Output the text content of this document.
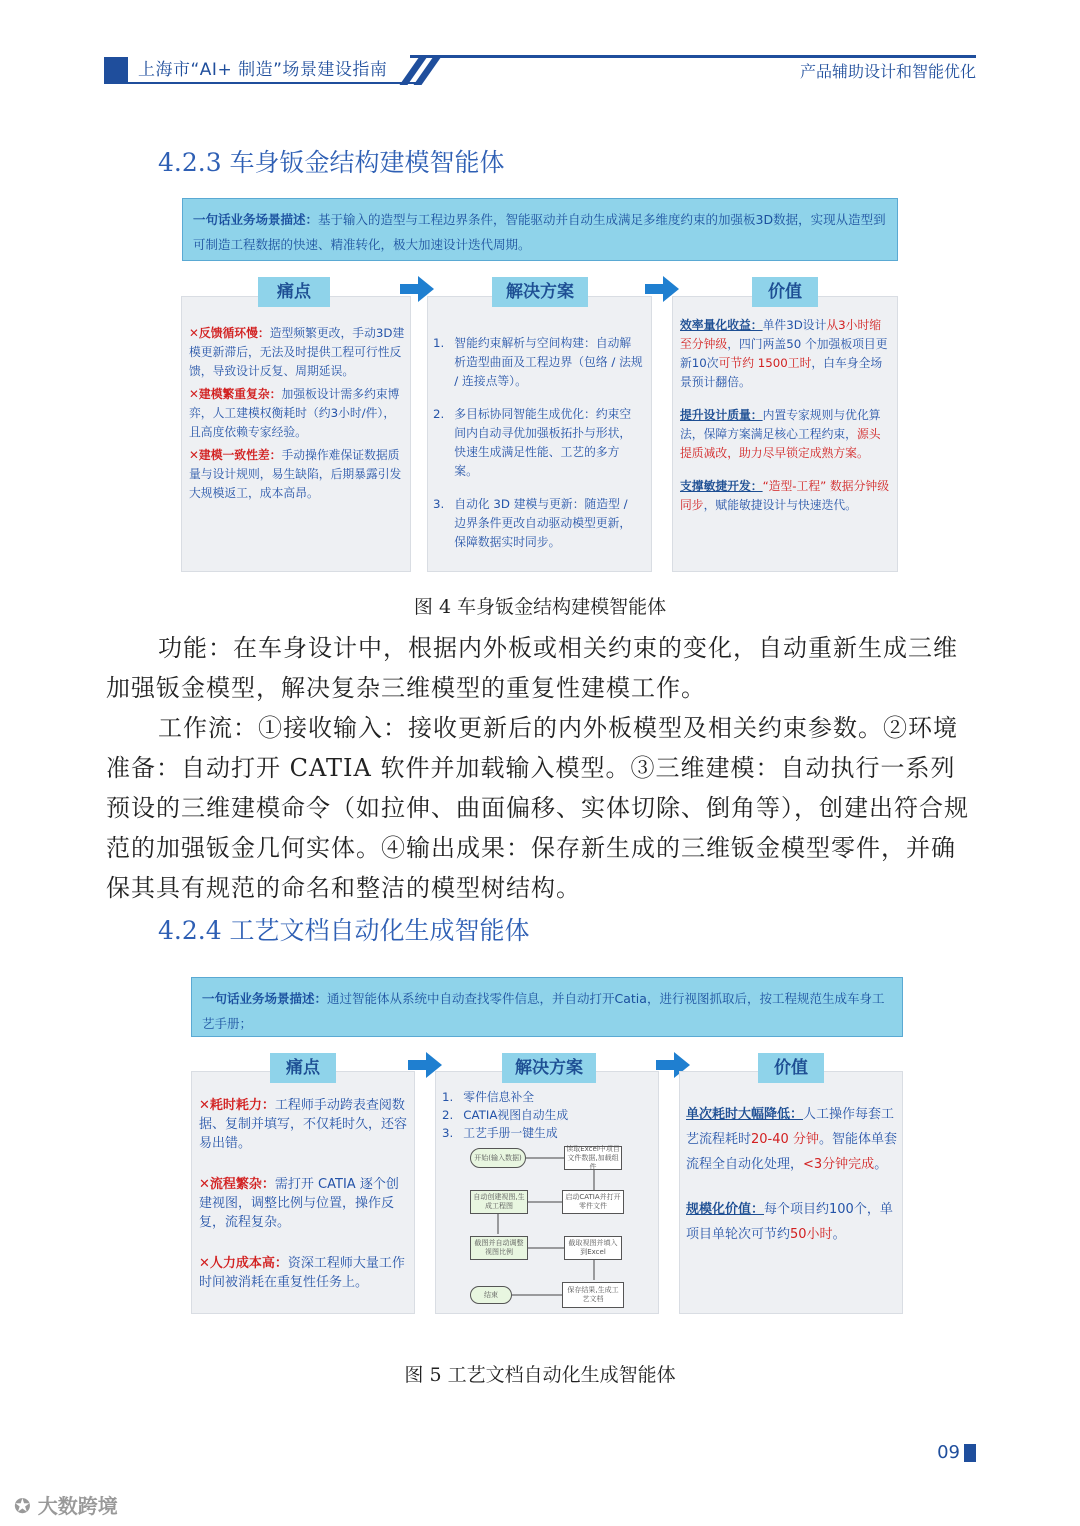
上海市“AI+ 制造”场景建设指南	产品辅助设计和智能优化
4.2.3 车身钣金结构建模智能体
一句话业务场景描述：基于输入的造型与工程边界条件，智能驱动并自动生成满足多维度约束的加强板3D数据，实现从造型到可制造工程数据的快速、精准转化，极大加速设计迭代周期。
痛点
✕反馈循环慢：造型频繁更改，手动3D建模更新滞后，无法及时提供工程可行性反馈，导致设计反复、周期延误。
✕建模繁重复杂：加强板设计需多约束博弈，人工建模权衡耗时（约3小时/件），且高度依赖专家经验。
✕建模一致性差：手动操作难保证数据质量与设计规则，易生缺陷，后期暴露引发大规模返工，成本高昂。
解决方案
1. 智能约束解析与空间构建：自动解析造型曲面及工程边界（包络 / 法规 / 连接点等）。
2. 多目标协同智能生成优化：约束空间内自动寻优加强板拓扑与形状，快速生成满足性能、工艺的多方案。
3. 自动化 3D 建模与更新：随造型 / 边界条件更改自动驱动模型更新，保障数据实时同步。
价值
效率量化收益：单件3D设计从3小时缩至分钟级，四门两盖50 个加强板项目更新10次可节约 1500工时，白车身全场景预计翻倍。
提升设计质量：内置专家规则与优化算法，保障方案满足核心工程约束，源头提质减改，助力尽早锁定成熟方案。
支撑敏捷开发：“造型-工程” 数据分钟级同步，赋能敏捷设计与快速迭代。
图 4 车身钣金结构建模智能体
功能：在车身设计中，根据内外板或相关约束的变化，自动重新生成三维加强钣金模型，解决复杂三维模型的重复性建模工作。
工作流：①接收输入：接收更新后的内外板模型及相关约束参数。②环境准备：自动打开 CATIA 软件并加载输入模型。③三维建模：自动执行一系列预设的三维建模命令（如拉伸、曲面偏移、实体切除、倒角等），创建出符合规范的加强钣金几何实体。④输出成果：保存新生成的三维钣金模型零件，并确保其具有规范的命名和整洁的模型树结构。
4.2.4 工艺文档自动化生成智能体
一句话业务场景描述：通过智能体从系统中自动查找零件信息，并自动打开Catia，进行视图抓取后，按工程规范生成车身工艺手册；
痛点
✕耗时耗力：工程师手动跨表查阅数据、复制并填写，不仅耗时久，还容易出错。
✕流程繁杂：需打开 CATIA 逐个创建视图，调整比例与位置，操作反复，流程复杂。
✕人力成本高：资深工程师大量工作时间被消耗在重复性任务上。
解决方案
1. 零件信息补全
2. CATIA视图自动生成
3. 工艺手册一键生成
开始(输入数据)
读取Excel中项目文件数据,加载组件
启动CATIA并打开零件文件
自动创建视图,生成工程图
截图并自动调整视图比例
截取视图并填入到Excel
保存结果,生成工艺文档
结束
价值
单次耗时大幅降低：人工操作每套工艺流程耗时20-40 分钟。智能体单套流程全自动化处理，<3分钟完成。
规模化价值：每个项目约100个，单项目单轮次可节约50小时。
图 5 工艺文档自动化生成智能体
09
✪ 大数跨境
